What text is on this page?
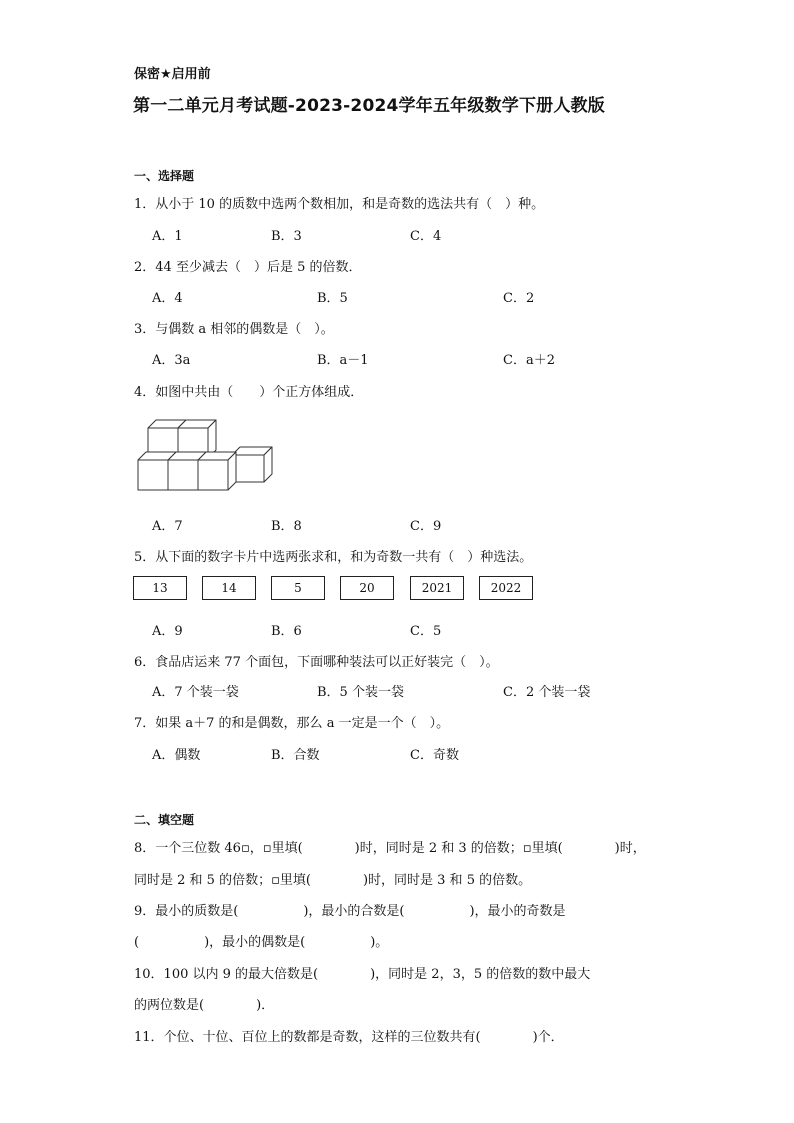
保密★启用前
第一二单元月考试题-2023-2024学年五年级数学下册人教版
一、选择题
1．从小于 10 的质数中选两个数相加，和是奇数的选法共有（　）种。
A．1	B．3	C．4
2．44 至少减去（　）后是 5 的倍数．
A．4	B．5	C．2
3．与偶数 a 相邻的偶数是（　）。
A．3a	B．a－1	C．a＋2
4．如图中共由（　　）个正方体组成．
A．7	B．8	C．9
5．从下面的数字卡片中选两张求和，和为奇数一共有（　）种选法。
13	14	5	20	2021	2022
A．9	B．6	C．5
6．食品店运来 77 个面包，下面哪种装法可以正好装完（　）。
A．7 个装一袋	B．5 个装一袋	C．2 个装一袋
7．如果 a＋7 的和是偶数，那么 a 一定是一个（　）。
A．偶数	B．合数	C．奇数
二、填空题
8．一个三位数 46▫，▫里填(　　　　)时，同时是 2 和 3 的倍数；▫里填(　　　　)时，
同时是 2 和 5 的倍数；▫里填(　　　　)时，同时是 3 和 5 的倍数。
9．最小的质数是(　　　　　)，最小的合数是(　　　　　)，最小的奇数是
(　　　　　)，最小的偶数是(　　　　　)。
10．100 以内 9 的最大倍数是(　　　　)，同时是 2，3，5 的倍数的数中最大
的两位数是(　　　　)．
11．个位、十位、百位上的数都是奇数，这样的三位数共有(　　　　)个．
